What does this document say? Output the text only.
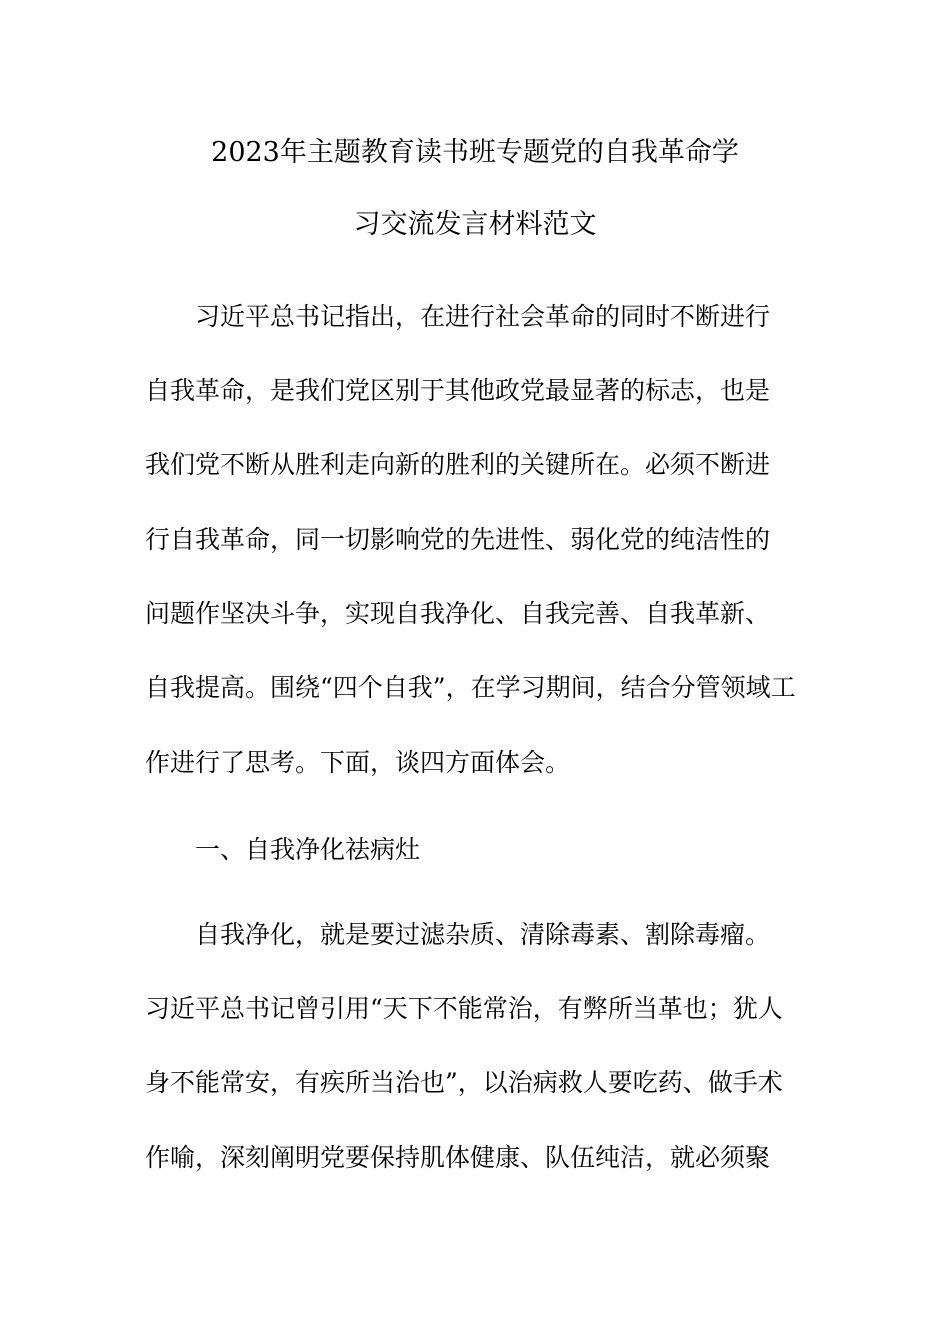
2023年主题教育读书班专题党的自我革命学
习交流发言材料范文
习近平总书记指出，在进行社会革命的同时不断进行
自我革命，是我们党区别于其他政党最显著的标志，也是
我们党不断从胜利走向新的胜利的关键所在。必须不断进
行自我革命，同一切影响党的先进性、弱化党的纯洁性的
问题作坚决斗争，实现自我净化、自我完善、自我革新、
自我提高。围绕“四个自我”，在学习期间，结合分管领域工
作进行了思考。下面，谈四方面体会。
一、自我净化祛病灶
自我净化，就是要过滤杂质、清除毒素、割除毒瘤。
习近平总书记曾引用“天下不能常治，有弊所当革也；犹人
身不能常安，有疾所当治也”，以治病救人要吃药、做手术
作喻，深刻阐明党要保持肌体健康、队伍纯洁，就必须聚
